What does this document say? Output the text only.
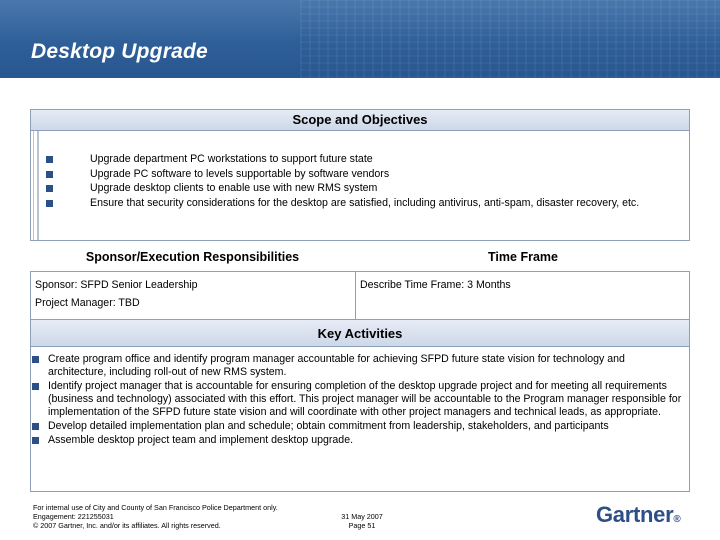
Desktop Upgrade
Scope and Objectives
Upgrade department PC workstations to support future state
Upgrade PC software to levels supportable by software vendors
Upgrade desktop clients to enable use with new RMS system
Ensure that security considerations for the desktop are satisfied, including antivirus, anti-spam, disaster recovery, etc.
Sponsor/Execution Responsibilities	Time Frame
Sponsor: SFPD Senior Leadership
Project Manager: TBD
Describe Time Frame: 3 Months
Key Activities
Create program office and identify program manager accountable for achieving SFPD future state vision for technology and architecture, including roll-out of new RMS system.
Identify project manager that is accountable for ensuring completion of the desktop upgrade project and for meeting all requirements (business and technology) associated with this effort. This project manager will be accountable to the Program manager responsible for implementation of the SFPD future state vision and will coordinate with other project managers and technical leads, as appropriate.
Develop detailed implementation plan and schedule; obtain commitment from leadership, stakeholders, and participants
Assemble desktop project team and implement desktop upgrade.
For internal use of City and County of San Francisco Police Department only.
Engagement: 221255031
© 2007 Gartner, Inc. and/or its affiliates. All rights reserved.
31 May 2007
Page 51	Gartner®
